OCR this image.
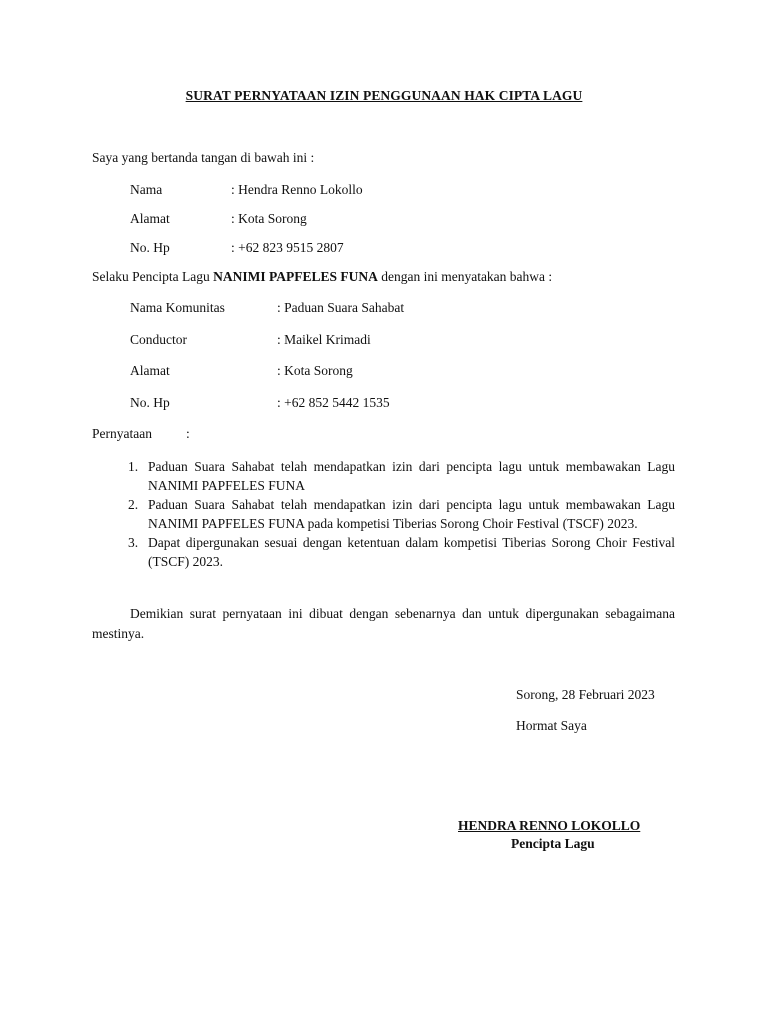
SURAT PERNYATAAN IZIN PENGGUNAAN HAK CIPTA LAGU
Saya yang bertanda tangan di bawah ini :
Nama	: Hendra Renno Lokollo
Alamat	: Kota Sorong
No. Hp	: +62 823 9515 2807
Selaku Pencipta Lagu NANIMI PAPFELES FUNA dengan ini menyatakan bahwa :
Nama Komunitas	: Paduan Suara Sahabat
Conductor	: Maikel Krimadi
Alamat	: Kota Sorong
No. Hp	: +62 852 5442 1535
Pernyataan	:
1. Paduan Suara Sahabat telah mendapatkan izin dari pencipta lagu untuk membawakan Lagu NANIMI PAPFELES FUNA
2. Paduan Suara Sahabat telah mendapatkan izin dari pencipta lagu untuk membawakan Lagu NANIMI PAPFELES FUNA pada kompetisi Tiberias Sorong Choir Festival (TSCF) 2023.
3. Dapat dipergunakan sesuai dengan ketentuan dalam kompetisi Tiberias Sorong Choir Festival (TSCF) 2023.
Demikian surat pernyataan ini dibuat dengan sebenarnya dan untuk dipergunakan sebagaimana mestinya.
Sorong, 28 Februari 2023
Hormat Saya
HENDRA RENNO LOKOLLO
Pencipta Lagu
